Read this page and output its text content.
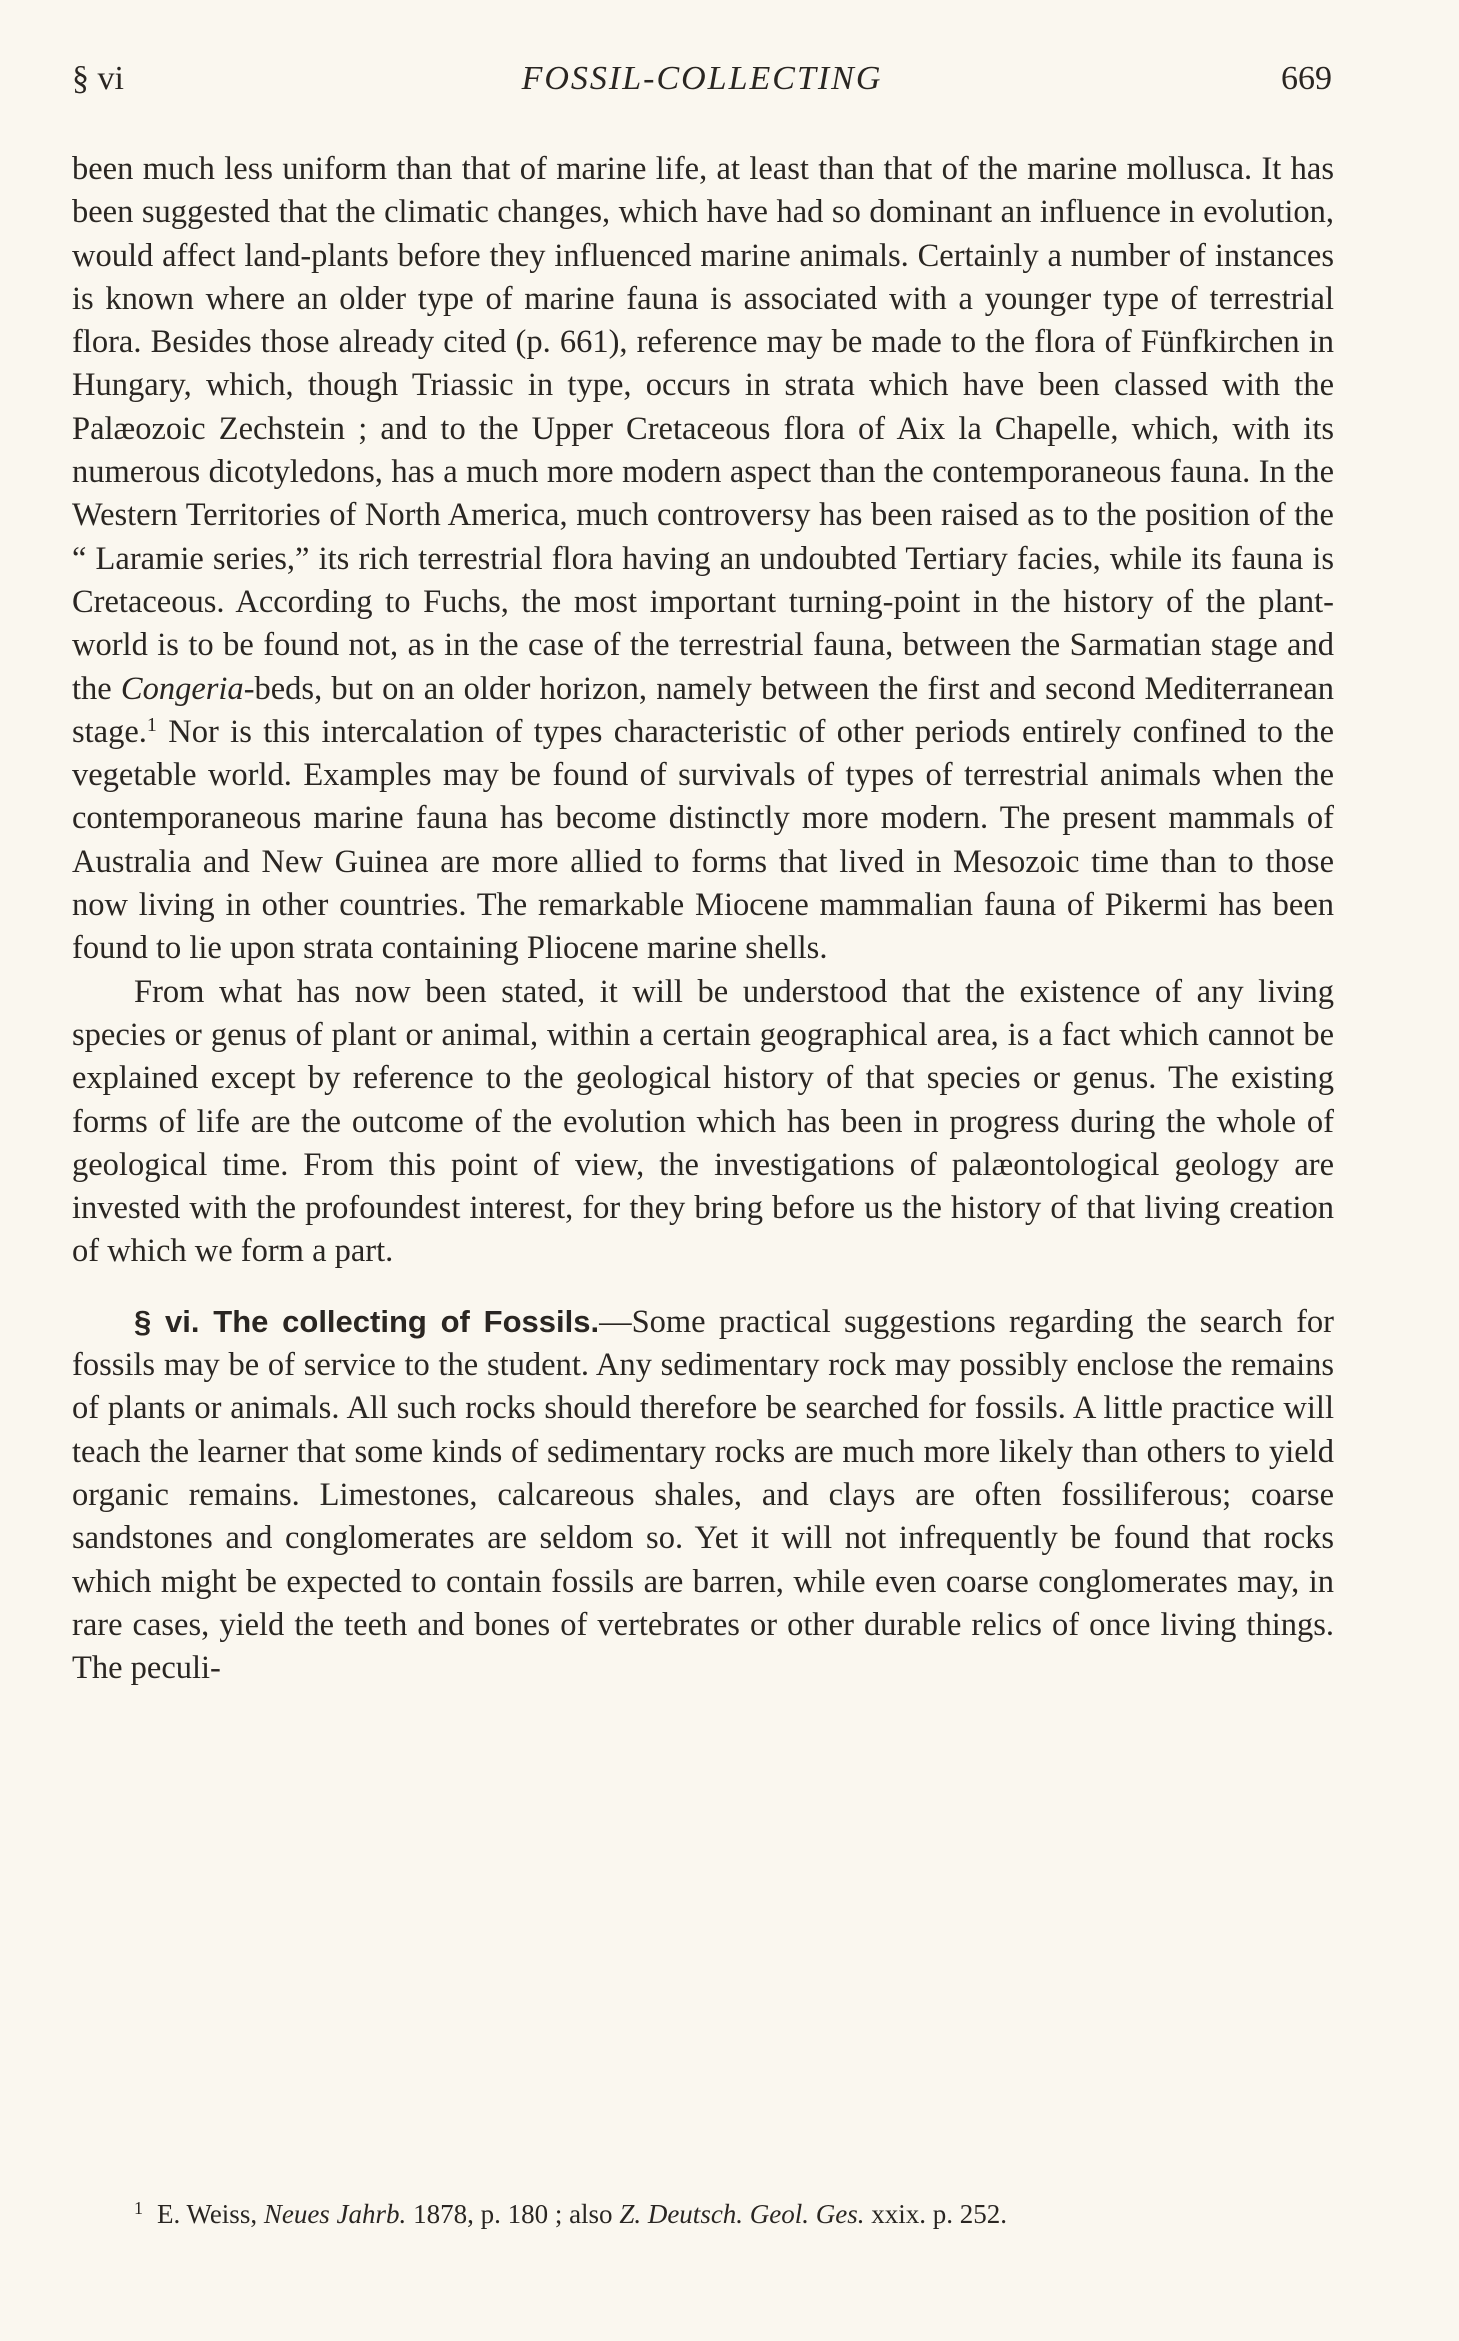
§ vi	FOSSIL-COLLECTING	669

been much less uniform than that of marine life, at least than that of the marine mollusca. It has been suggested that the climatic changes, which have had so dominant an influence in evolution, would affect land-plants before they influenced marine animals. Certainly a number of instances is known where an older type of marine fauna is associated with a younger type of terrestrial flora. Besides those already cited (p. 661), reference may be made to the flora of Fünfkirchen in Hungary, which, though Triassic in type, occurs in strata which have been classed with the Palæozoic Zechstein ; and to the Upper Cretaceous flora of Aix la Chapelle, which, with its numerous dicotyledons, has a much more modern aspect than the contemporaneous fauna. In the Western Territories of North America, much controversy has been raised as to the position of the “ Laramie series,” its rich terrestrial flora having an undoubted Tertiary facies, while its fauna is Cretaceous. According to Fuchs, the most important turning-point in the history of the plant-world is to be found not, as in the case of the terrestrial fauna, between the Sarmatian stage and the Congeria-beds, but on an older horizon, namely between the first and second Mediterranean stage.$^1$ Nor is this intercalation of types characteristic of other periods entirely confined to the vegetable world. Examples may be found of survivals of types of terrestrial animals when the contemporaneous marine fauna has become distinctly more modern. The present mammals of Australia and New Guinea are more allied to forms that lived in Mesozoic time than to those now living in other countries. The remarkable Miocene mammalian fauna of Pikermi has been found to lie upon strata containing Pliocene marine shells.

From what has now been stated, it will be understood that the existence of any living species or genus of plant or animal, within a certain geographical area, is a fact which cannot be explained except by reference to the geological history of that species or genus. The existing forms of life are the outcome of the evolution which has been in progress during the whole of geological time. From this point of view, the investigations of palæontological geology are invested with the profoundest interest, for they bring before us the history of that living creation of which we form a part.

§ vi. The collecting of Fossils.—Some practical suggestions regarding the search for fossils may be of service to the student. Any sedimentary rock may possibly enclose the remains of plants or animals. All such rocks should therefore be searched for fossils. A little practice will teach the learner that some kinds of sedimentary rocks are much more likely than others to yield organic remains. Limestones, calcareous shales, and clays are often fossiliferous; coarse sandstones and conglomerates are seldom so. Yet it will not infrequently be found that rocks which might be expected to contain fossils are barren, while even coarse conglomerates may, in rare cases, yield the teeth and bones of vertebrates or other durable relics of once living things. The peculi-

$^1$ E. Weiss, Neues Jahrb. 1878, p. 180 ; also Z. Deutsch. Geol. Ges. xxix. p. 252.
